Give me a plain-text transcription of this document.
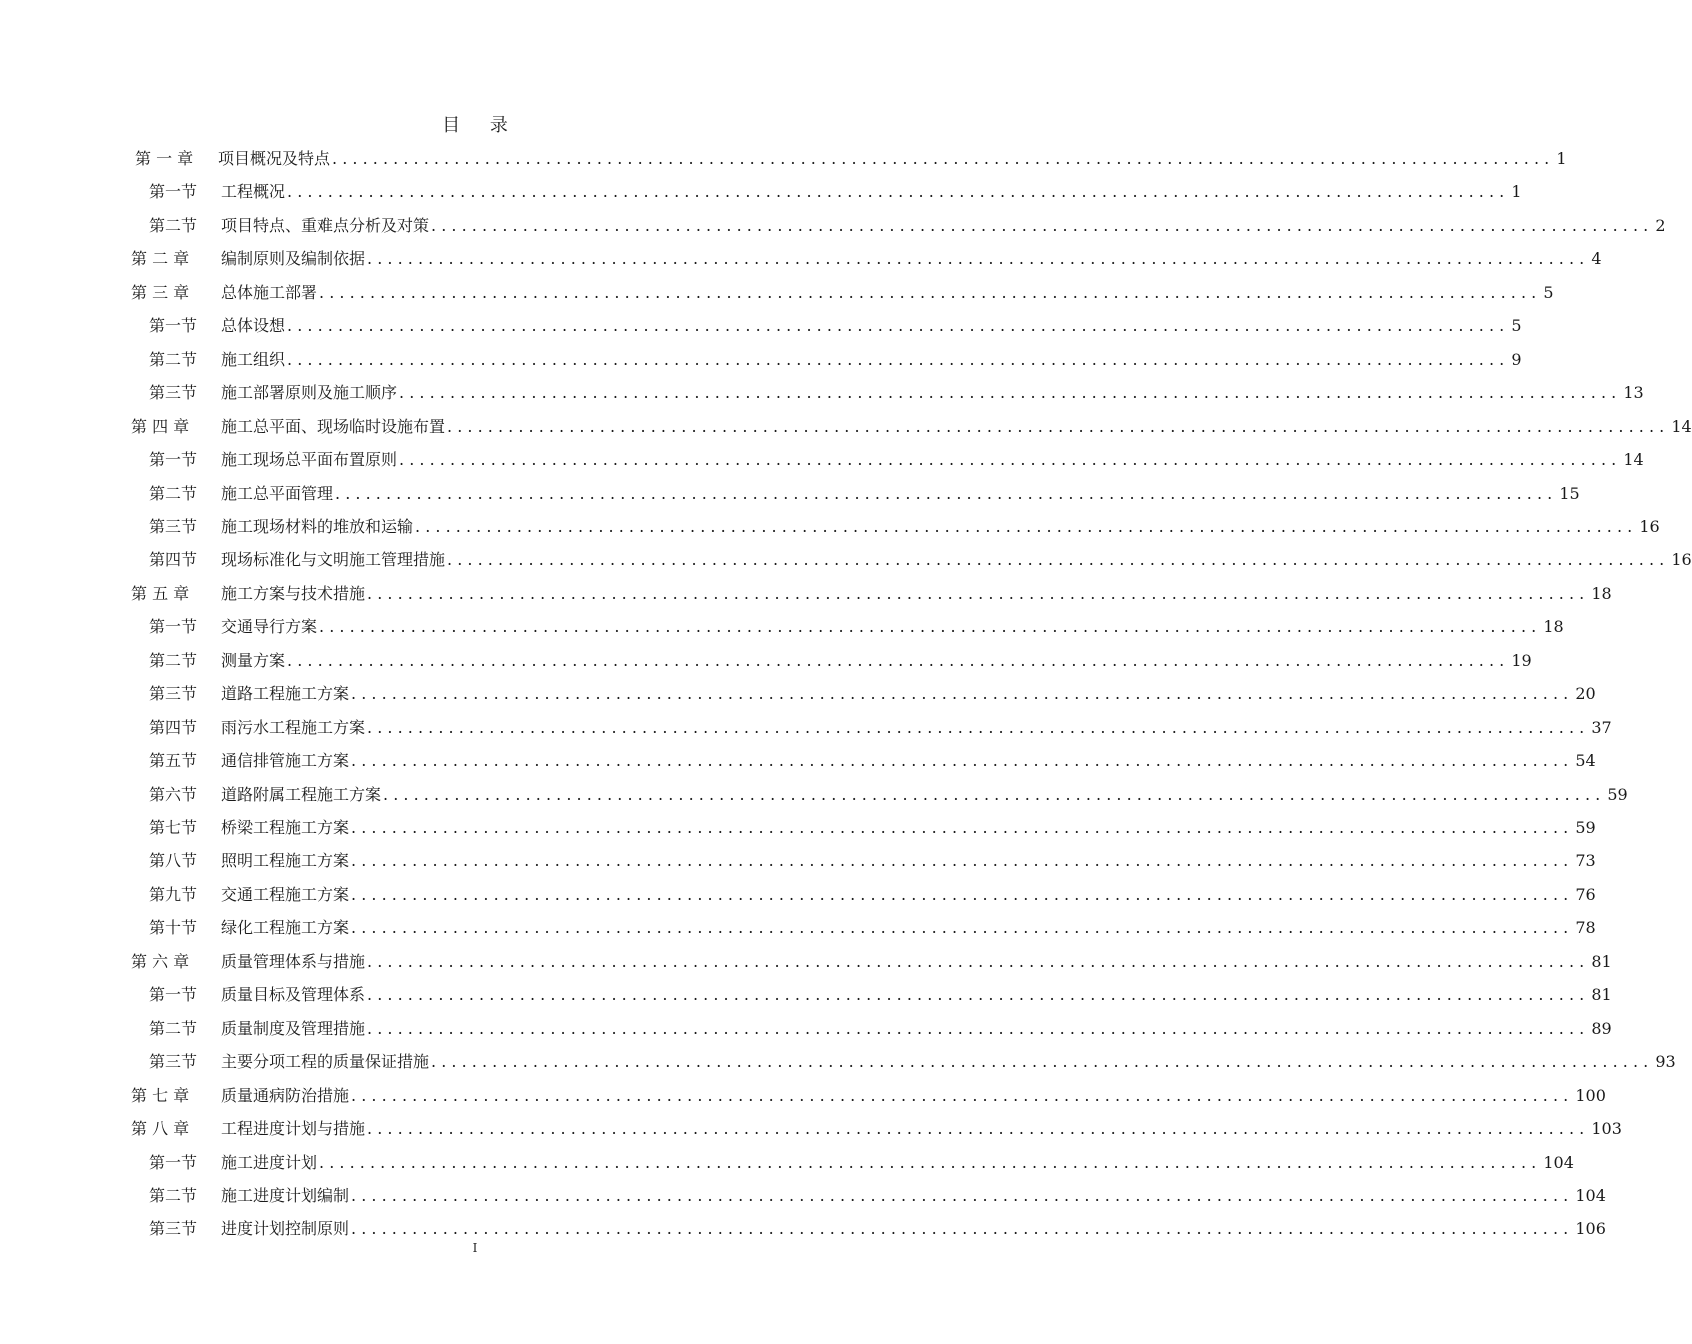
目 录
第 一 章	项目概况及特点 ........................................................................................................................ 1
第一节	工程概况 ........................................................................................................................ 1
第二节	项目特点、重难点分析及对策 ........................................................................................................................ 2
第 二 章	编制原则及编制依据 ........................................................................................................................ 4
第 三 章	总体施工部署 ........................................................................................................................ 5
第一节	总体设想 ........................................................................................................................ 5
第二节	施工组织 ........................................................................................................................ 9
第三节	施工部署原则及施工顺序 ........................................................................................................................ 13
第 四 章	施工总平面、现场临时设施布置 ........................................................................................................................ 14
第一节	施工现场总平面布置原则 ........................................................................................................................ 14
第二节	施工总平面管理 ........................................................................................................................ 15
第三节	施工现场材料的堆放和运输 ........................................................................................................................ 16
第四节	现场标准化与文明施工管理措施 ........................................................................................................................ 16
第 五 章	施工方案与技术措施 ........................................................................................................................ 18
第一节	交通导行方案 ........................................................................................................................ 18
第二节	测量方案 ........................................................................................................................ 19
第三节	道路工程施工方案 ........................................................................................................................ 20
第四节	雨污水工程施工方案 ........................................................................................................................ 37
第五节	通信排管施工方案 ........................................................................................................................ 54
第六节	道路附属工程施工方案 ........................................................................................................................ 59
第七节	桥梁工程施工方案 ........................................................................................................................ 59
第八节	照明工程施工方案 ........................................................................................................................ 73
第九节	交通工程施工方案 ........................................................................................................................ 76
第十节	绿化工程施工方案 ........................................................................................................................ 78
第 六 章	质量管理体系与措施 ........................................................................................................................ 81
第一节	质量目标及管理体系 ........................................................................................................................ 81
第二节	质量制度及管理措施 ........................................................................................................................ 89
第三节	主要分项工程的质量保证措施 ........................................................................................................................ 93
第 七 章	质量通病防治措施 ........................................................................................................................ 100
第 八 章	工程进度计划与措施 ........................................................................................................................ 103
第一节	施工进度计划 ........................................................................................................................ 104
第二节	施工进度计划编制 ........................................................................................................................ 104
第三节	进度计划控制原则 ........................................................................................................................ 106
I
